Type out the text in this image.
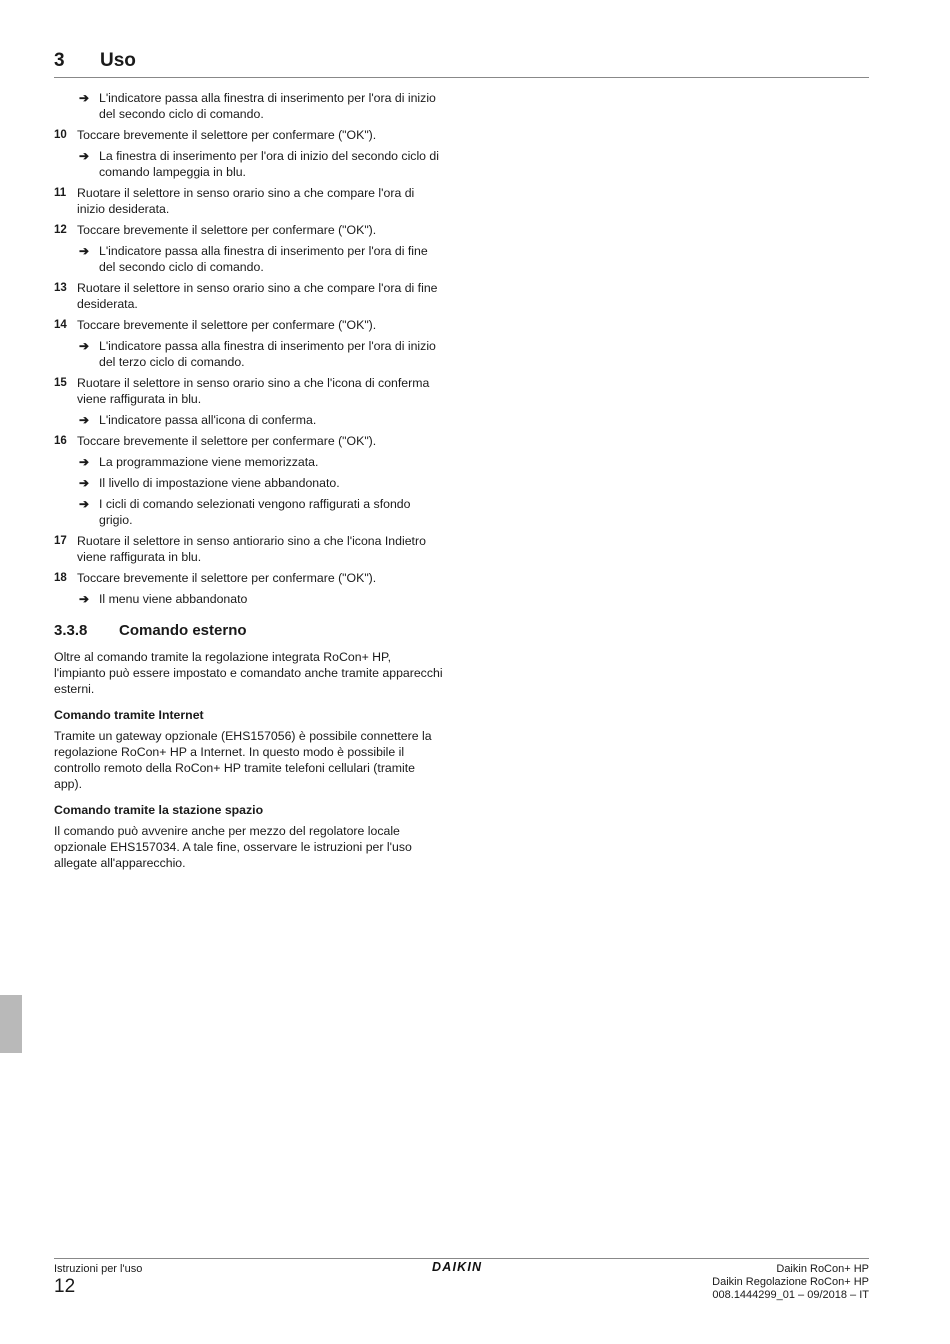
3 Uso
➔ L'indicatore passa alla finestra di inserimento per l'ora di inizio del secondo ciclo di comando.
10 Toccare brevemente il selettore per confermare ("OK").
➔ La finestra di inserimento per l'ora di inizio del secondo ciclo di comando lampeggia in blu.
11 Ruotare il selettore in senso orario sino a che compare l'ora di inizio desiderata.
12 Toccare brevemente il selettore per confermare ("OK").
➔ L'indicatore passa alla finestra di inserimento per l'ora di fine del secondo ciclo di comando.
13 Ruotare il selettore in senso orario sino a che compare l'ora di fine desiderata.
14 Toccare brevemente il selettore per confermare ("OK").
➔ L'indicatore passa alla finestra di inserimento per l'ora di inizio del terzo ciclo di comando.
15 Ruotare il selettore in senso orario sino a che l'icona di conferma viene raffigurata in blu.
➔ L'indicatore passa all'icona di conferma.
16 Toccare brevemente il selettore per confermare ("OK").
➔ La programmazione viene memorizzata.
➔ Il livello di impostazione viene abbandonato.
➔ I cicli di comando selezionati vengono raffigurati a sfondo grigio.
17 Ruotare il selettore in senso antiorario sino a che l'icona Indietro viene raffigurata in blu.
18 Toccare brevemente il selettore per confermare ("OK").
➔ Il menu viene abbandonato
3.3.8	Comando esterno

Oltre al comando tramite la regolazione integrata RoCon+ HP, l'impianto può essere impostato e comandato anche tramite apparecchi esterni.

Comando tramite Internet

Tramite un gateway opzionale (EHS157056) è possibile connettere la regolazione RoCon+ HP a Internet. In questo modo è possibile il controllo remoto della RoCon+ HP tramite telefoni cellulari (tramite app).

Comando tramite la stazione spazio

Il comando può avvenire anche per mezzo del regolatore locale opzionale EHS157034. A tale fine, osservare le istruzioni per l'uso allegate all'apparecchio.

Istruzioni per l'uso
12
DAIKIN	Daikin RoCon+ HP
Daikin Regolazione RoCon+ HP
008.1444299_01 – 09/2018 – IT
